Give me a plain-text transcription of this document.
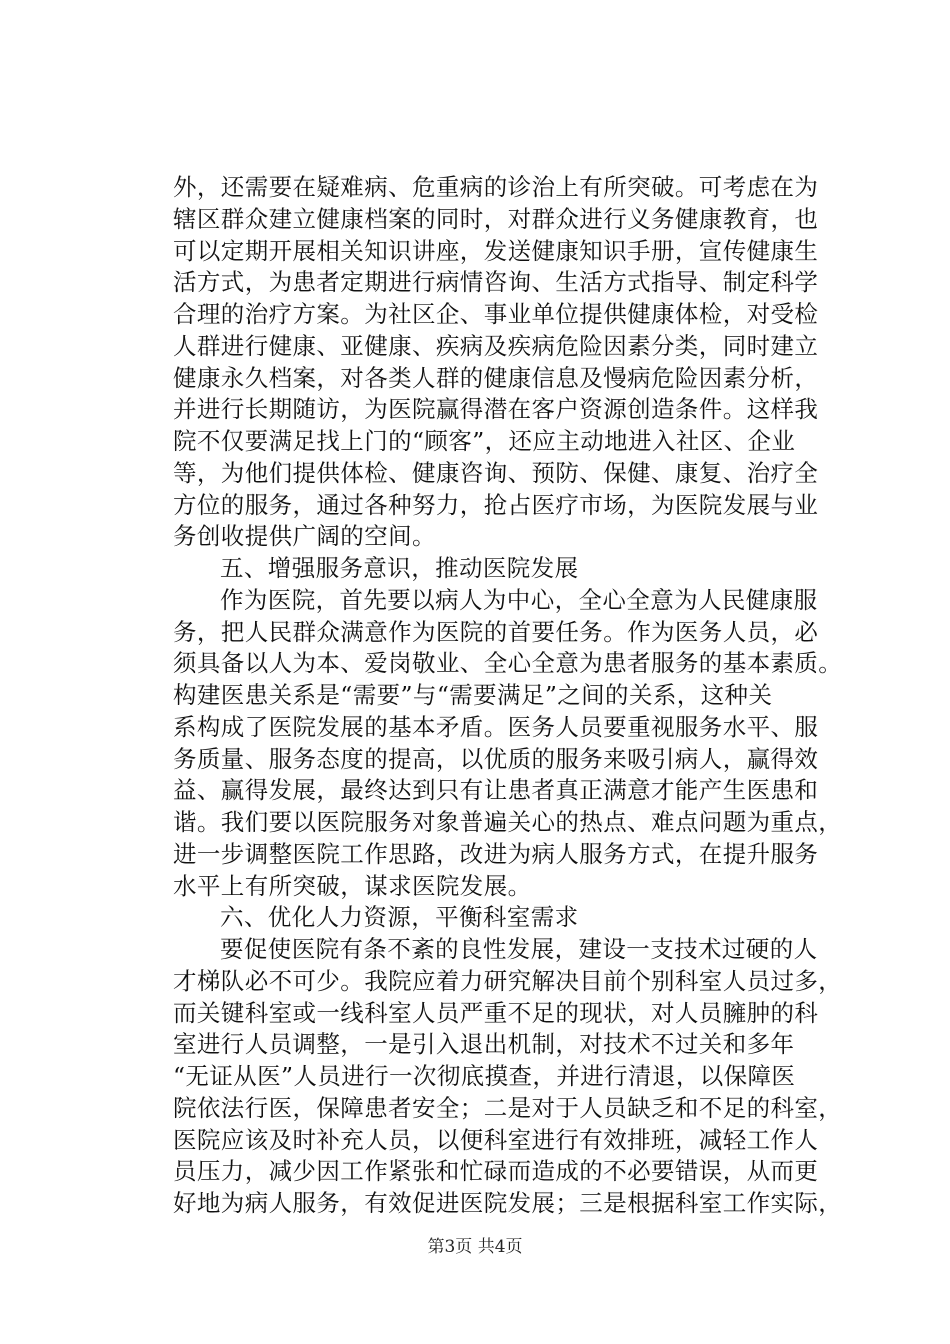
外，还需要在疑难病、危重病的诊治上有所突破。可考虑在为
辖区群众建立健康档案的同时，对群众进行义务健康教育，也
可以定期开展相关知识讲座，发送健康知识手册，宣传健康生
活方式，为患者定期进行病情咨询、生活方式指导、制定科学
合理的治疗方案。为社区企、事业单位提供健康体检，对受检
人群进行健康、亚健康、疾病及疾病危险因素分类，同时建立
健康永久档案，对各类人群的健康信息及慢病危险因素分析，
并进行长期随访，为医院赢得潜在客户资源创造条件。这样我
院不仅要满足找上门的“顾客”，还应主动地进入社区、企业
等，为他们提供体检、健康咨询、预防、保健、康复、治疗全
方位的服务，通过各种努力，抢占医疗市场，为医院发展与业
务创收提供广阔的空间。
五、增强服务意识，推动医院发展
作为医院，首先要以病人为中心，全心全意为人民健康服
务，把人民群众满意作为医院的首要任务。作为医务人员，必
须具备以人为本、爱岗敬业、全心全意为患者服务的基本素质。
构建医患关系是“需要”与“需要满足”之间的关系，这种关
系构成了医院发展的基本矛盾。医务人员要重视服务水平、服
务质量、服务态度的提高，以优质的服务来吸引病人，赢得效
益、赢得发展，最终达到只有让患者真正满意才能产生医患和
谐。我们要以医院服务对象普遍关心的热点、难点问题为重点，
进一步调整医院工作思路，改进为病人服务方式，在提升服务
水平上有所突破，谋求医院发展。
六、优化人力资源，平衡科室需求
要促使医院有条不紊的良性发展，建设一支技术过硬的人
才梯队必不可少。我院应着力研究解决目前个别科室人员过多，
而关键科室或一线科室人员严重不足的现状，对人员臃肿的科
室进行人员调整，一是引入退出机制，对技术不过关和多年
“无证从医”人员进行一次彻底摸查，并进行清退，以保障医
院依法行医，保障患者安全；二是对于人员缺乏和不足的科室，
医院应该及时补充人员，以便科室进行有效排班，减轻工作人
员压力，减少因工作紧张和忙碌而造成的不必要错误，从而更
好地为病人服务，有效促进医院发展；三是根据科室工作实际，
第3页 共4页
